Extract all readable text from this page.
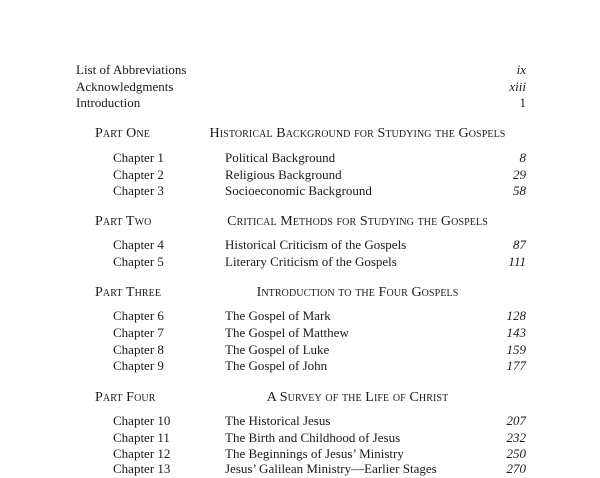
List of Abbreviations	ix
Acknowledgments	xiii
Introduction	1
Part One	Historical Background for Studying the Gospels
Chapter 1	Political Background	8
Chapter 2	Religious Background	29
Chapter 3	Socioeconomic Background	58
Part Two	Critical Methods for Studying the Gospels
Chapter 4	Historical Criticism of the Gospels	87
Chapter 5	Literary Criticism of the Gospels	111
Part Three	Introduction to the Four Gospels
Chapter 6	The Gospel of Mark	128
Chapter 7	The Gospel of Matthew	143
Chapter 8	The Gospel of Luke	159
Chapter 9	The Gospel of John	177
Part Four	A Survey of the Life of Christ
Chapter 10	The Historical Jesus	207
Chapter 11	The Birth and Childhood of Jesus	232
Chapter 12	The Beginnings of Jesus’ Ministry	250
Chapter 13	Jesus’ Galilean Ministry—Earlier Stages	270
